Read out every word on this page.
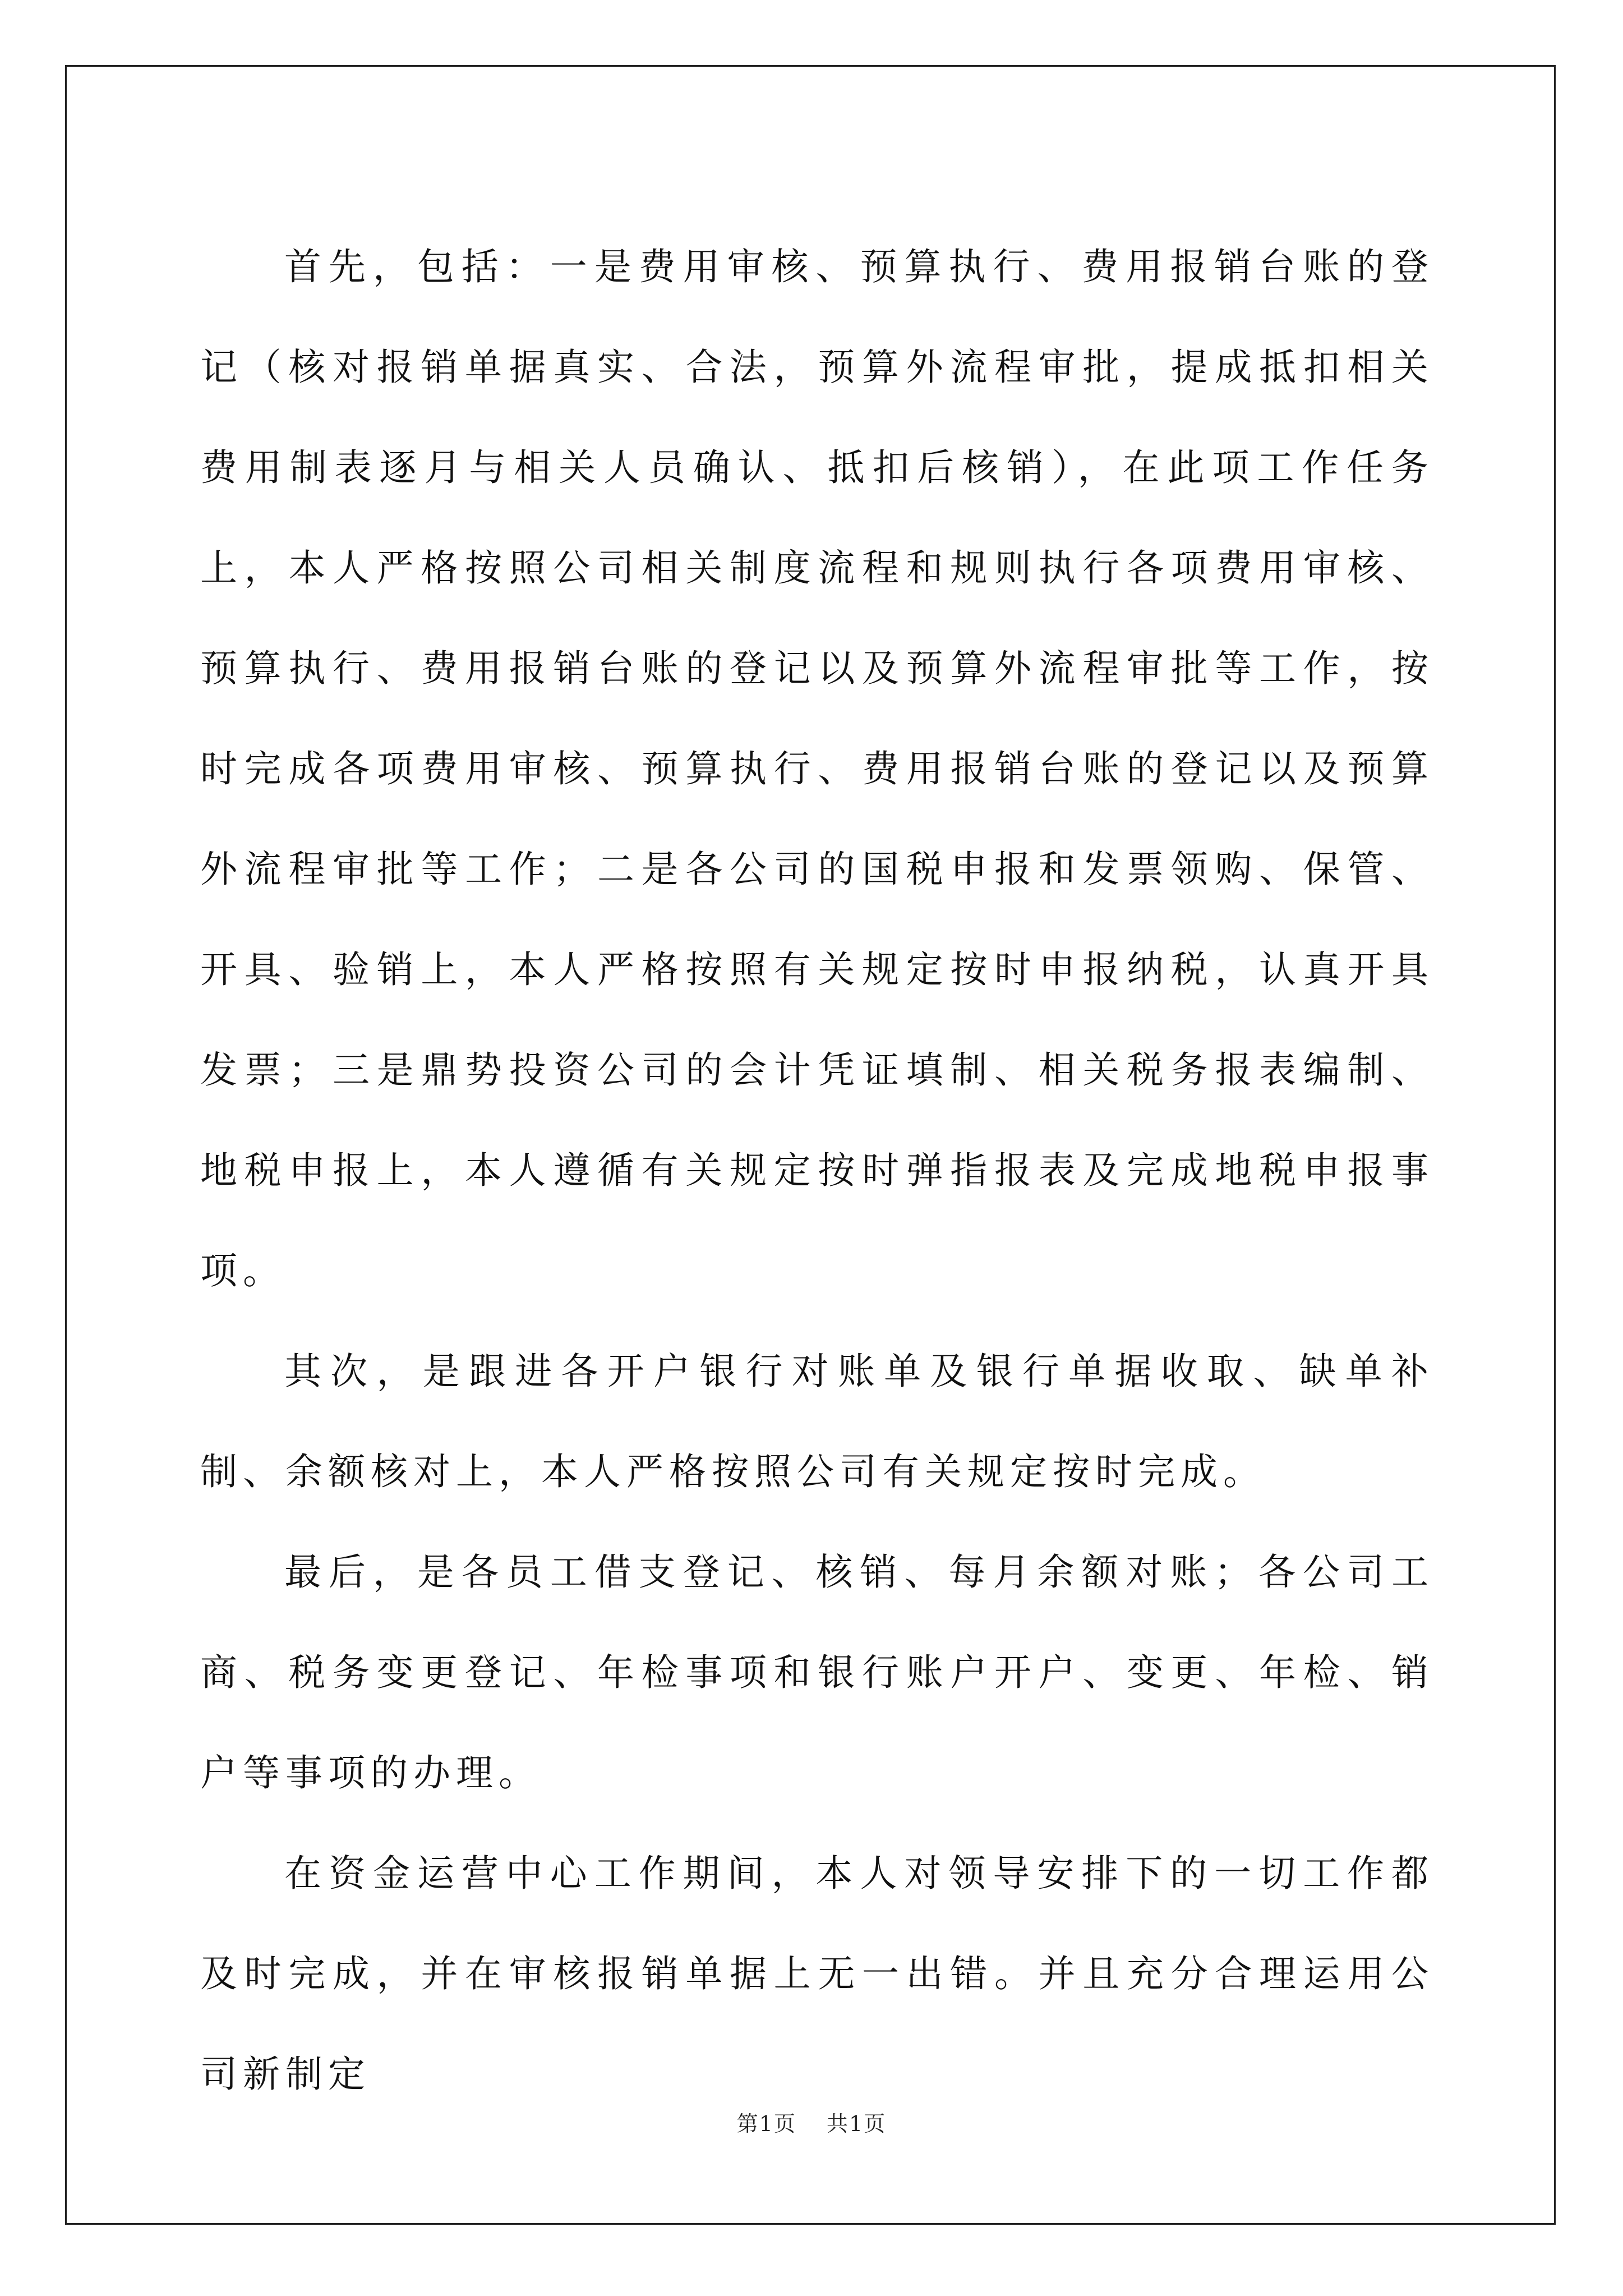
首先，包括：一是费用审核、预算执行、费用报销台账的登记（核对报销单据真实、合法，预算外流程审批，提成抵扣相关费用制表逐月与相关人员确认、抵扣后核销），在此项工作任务上，本人严格按照公司相关制度流程和规则执行各项费用审核、预算执行、费用报销台账的登记以及预算外流程审批等工作，按时完成各项费用审核、预算执行、费用报销台账的登记以及预算外流程审批等工作；二是各公司的国税申报和发票领购、保管、开具、验销上，本人严格按照有关规定按时申报纳税，认真开具发票；三是鼎势投资公司的会计凭证填制、相关税务报表编制、地税申报上，本人遵循有关规定按时弹指报表及完成地税申报事项。

其次，是跟进各开户银行对账单及银行单据收取、缺单补制、余额核对上，本人严格按照公司有关规定按时完成。

最后，是各员工借支登记、核销、每月余额对账；各公司工商、税务变更登记、年检事项和银行账户开户、变更、年检、销户等事项的办理。

在资金运营中心工作期间，本人对领导安排下的一切工作都及时完成，并在审核报销单据上无一出错。并且充分合理运用公司新制定

第1页 共1页
